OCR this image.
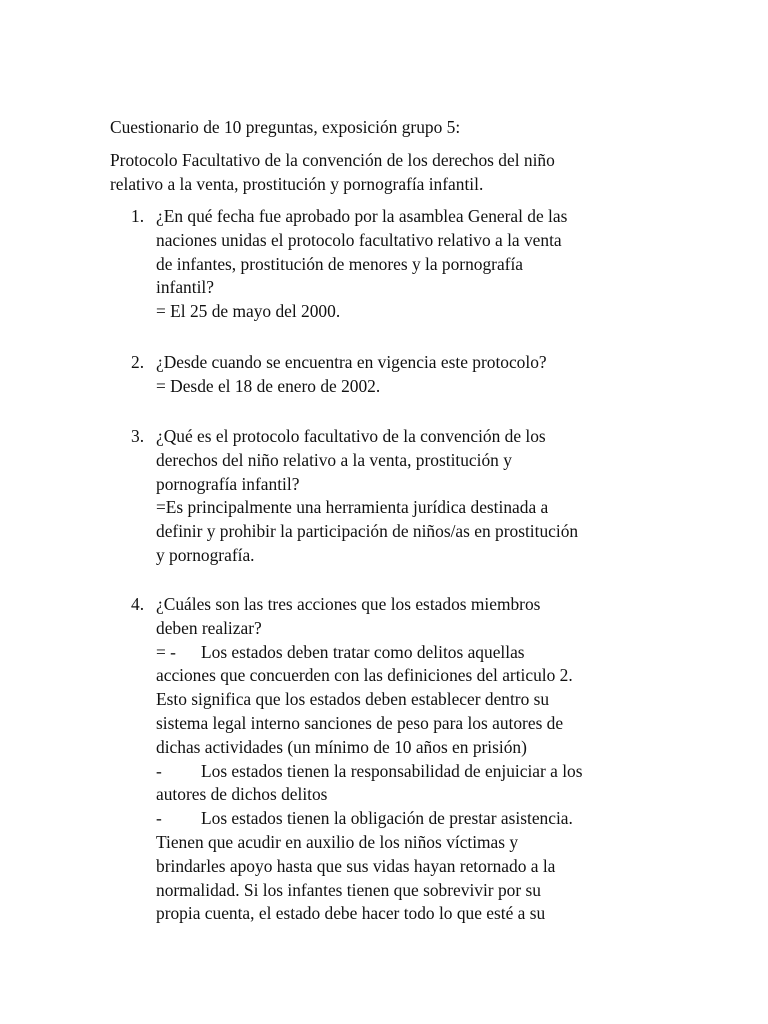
Cuestionario de 10 preguntas, exposición grupo 5:

Protocolo Facultativo de la convención de los derechos del niño
relativo a la venta, prostitución y pornografía infantil.

1. ¿En qué fecha fue aprobado por la asamblea General de las
naciones unidas el protocolo facultativo relativo a la venta
de infantes, prostitución de menores y la pornografía
infantil?
= El 25 de mayo del 2000.
2. ¿Desde cuando se encuentra en vigencia este protocolo?
= Desde el 18 de enero de 2002.
3. ¿Qué es el protocolo facultativo de la convención de los
derechos del niño relativo a la venta, prostitución y
pornografía infantil?
=Es principalmente una herramienta jurídica destinada a
definir y prohibir la participación de niños/as en prostitución
y pornografía.
4. ¿Cuáles son las tres acciones que los estados miembros
deben realizar?
= - Los estados deben tratar como delitos aquellas
acciones que concuerden con las definiciones del articulo 2.
Esto significa que los estados deben establecer dentro su
sistema legal interno sanciones de peso para los autores de
dichas actividades (un mínimo de 10 años en prisión)
- Los estados tienen la responsabilidad de enjuiciar a los
autores de dichos delitos
- Los estados tienen la obligación de prestar asistencia.
Tienen que acudir en auxilio de los niños víctimas y
brindarles apoyo hasta que sus vidas hayan retornado a la
normalidad. Si los infantes tienen que sobrevivir por su
propia cuenta, el estado debe hacer todo lo que esté a su
